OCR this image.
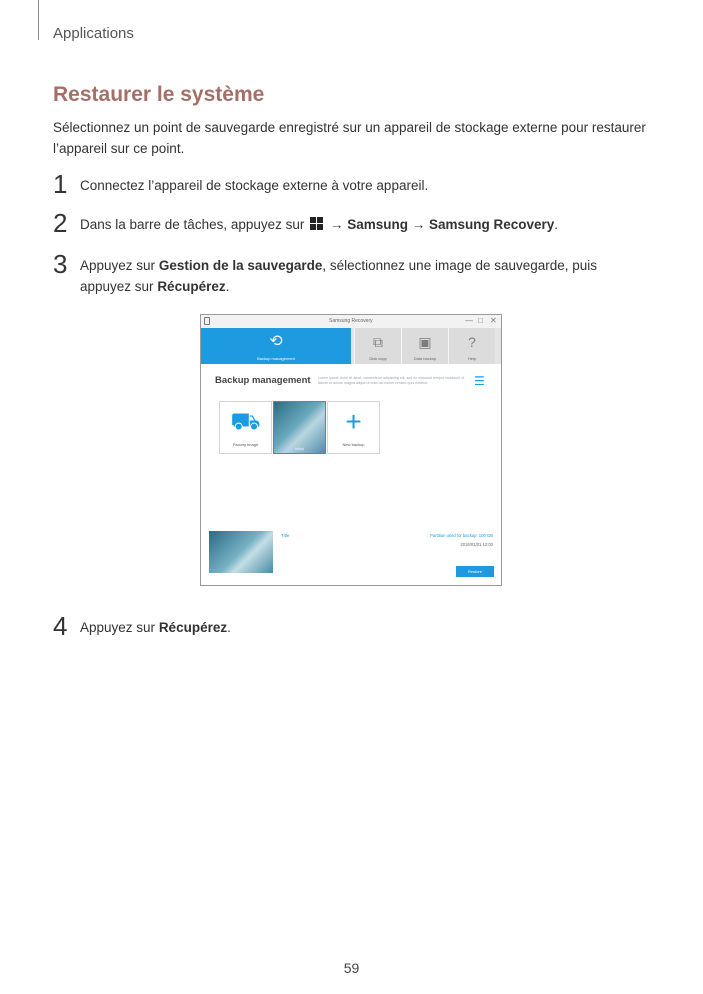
Applications
Restaurer le système

Sélectionnez un point de sauvegarde enregistré sur un appareil de stockage externe pour restaurer l’appareil sur ce point.

1 Connectez l’appareil de stockage externe à votre appareil.
2 Dans la barre de tâches, appuyez sur → Samsung → Samsung Recovery.
3 Appuyez sur Gestion de la sauvegarde, sélectionnez une image de sauvegarde, puis appuyez sur Récupérez.
Samsung Recovery	— □ ✕
⟲
Backup management
⧉
Disk copy
▣
Data backup
?
Help
Backup management Lorem ipsum dolor sit amet, consectetur adipiscing elit, sed do eiusmod tempor incididunt ut labore et dolore magna aliqua ut enim ad minim veniam quis nostrud.	☰
⛟
Factory image
Initial
+
New backup
Title	Partition used for backup: 100 GB
2016/01/01 12:00
Restore
4 Appuyez sur Récupérez.
59
